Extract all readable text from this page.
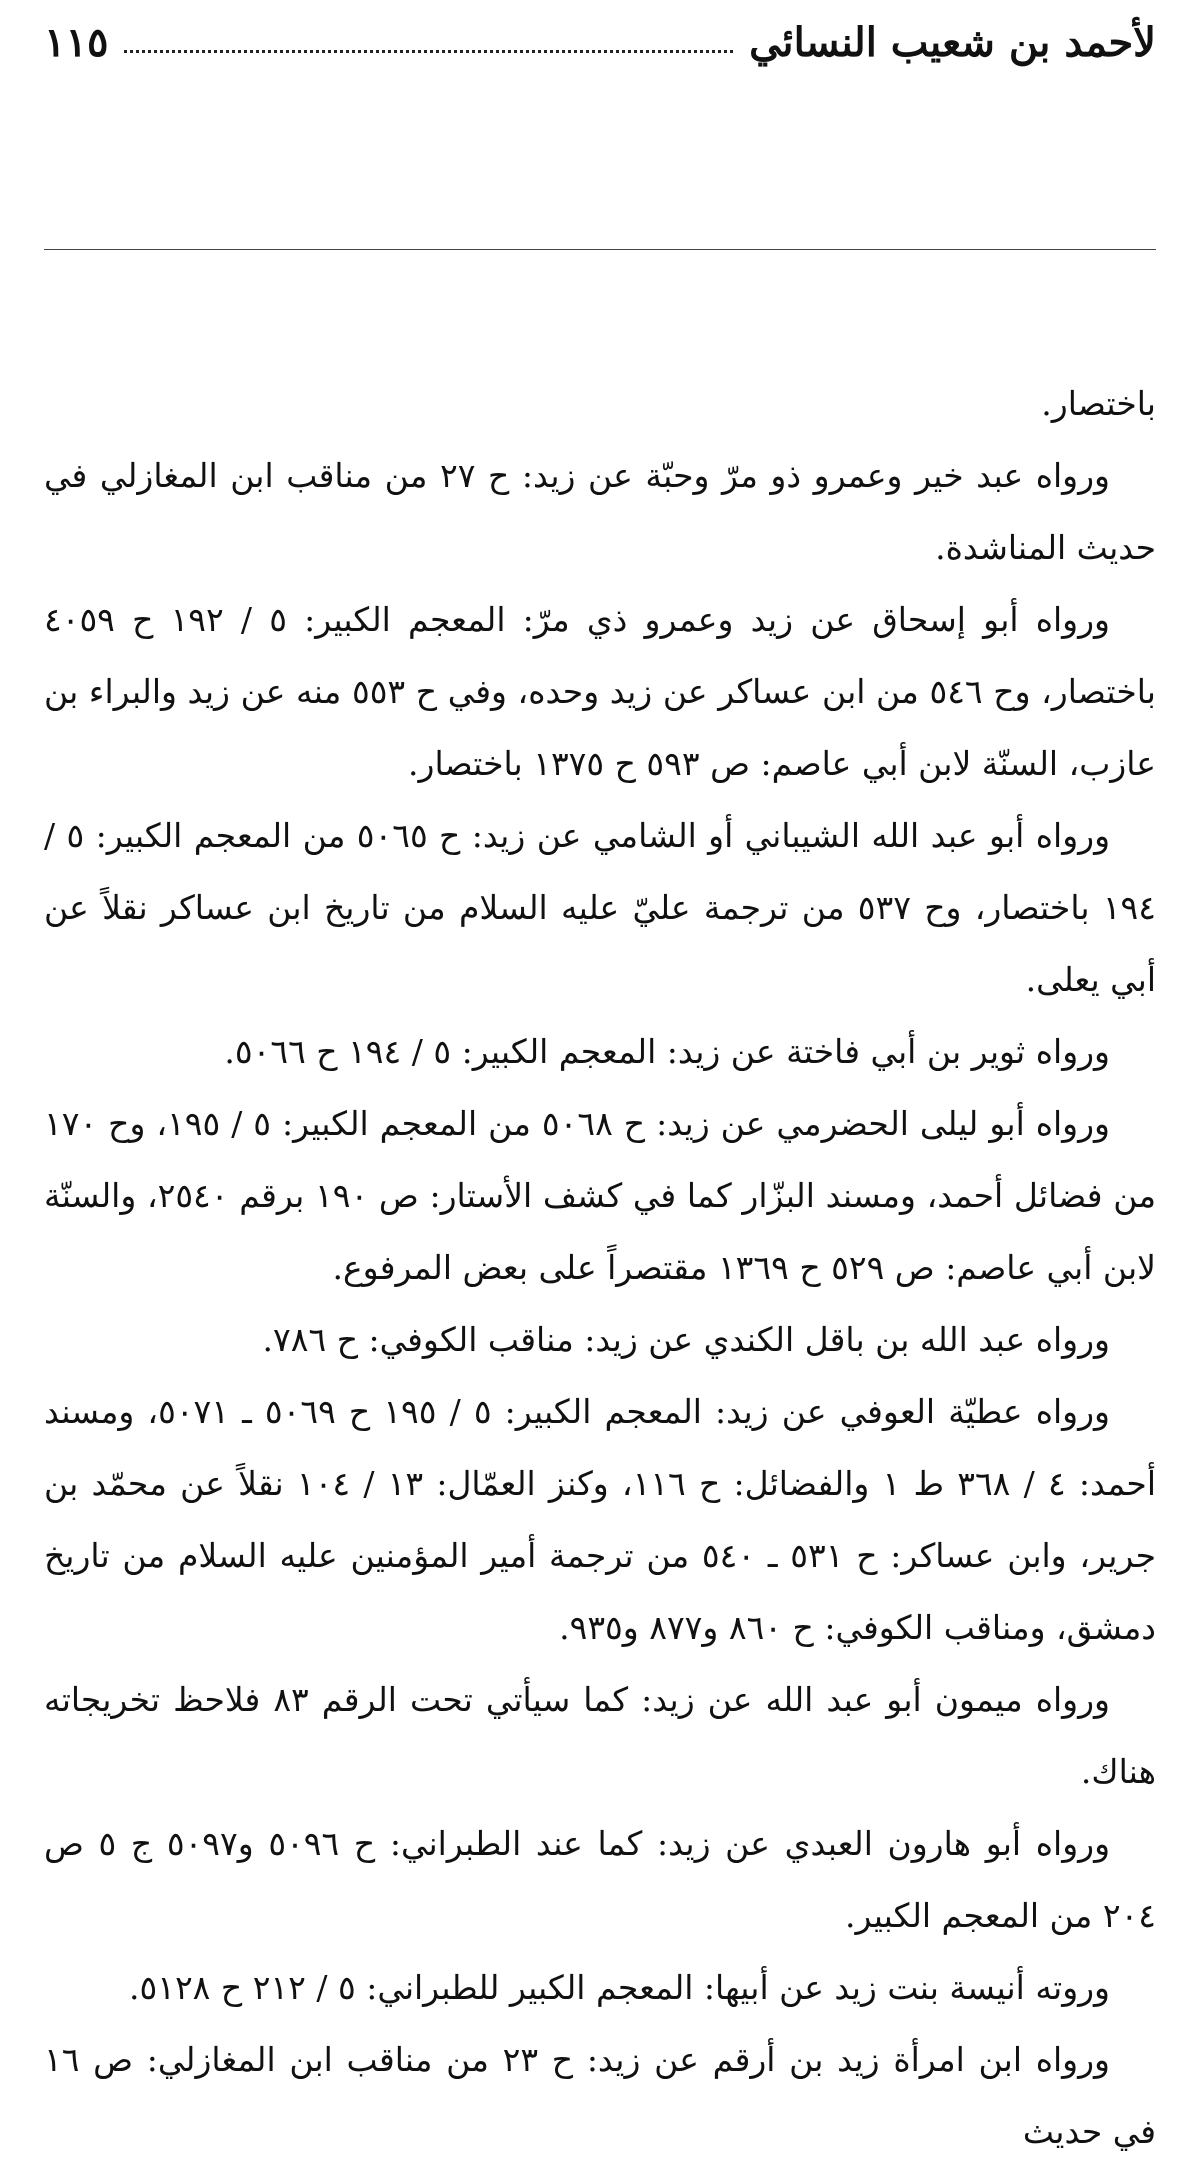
لأحمد بن شعيب النسائي
١١٥

باختصار.

ورواه عبد خير وعمرو ذو مرّ وحبّة عن زيد: ح ٢٧ من مناقب ابن المغازلي في حديث المناشدة.

ورواه أبو إسحاق عن زيد وعمرو ذي مرّ: المعجم الكبير: ٥ / ١٩٢ ح ٤٠٥٩ باختصار، وح ٥٤٦ من ابن عساكر عن زيد وحده، وفي ح ٥٥٣ منه عن زيد والبراء بن عازب، السنّة لابن أبي عاصم: ص ٥٩٣ ح ١٣٧٥ باختصار.

ورواه أبو عبد الله الشيباني أو الشامي عن زيد: ح ٥٠٦٥ من المعجم الكبير: ٥ / ١٩٤ باختصار، وح ٥٣٧ من ترجمة عليّ عليه السلام من تاريخ ابن عساكر نقلاً عن أبي يعلى.

ورواه ثوير بن أبي فاختة عن زيد: المعجم الكبير: ٥ / ١٩٤ ح ٥٠٦٦.

ورواه أبو ليلى الحضرمي عن زيد: ح ٥٠٦٨ من المعجم الكبير: ٥ / ١٩٥، وح ١٧٠ من فضائل أحمد، ومسند البزّار كما في كشف الأستار: ص ١٩٠ برقم ٢٥٤٠، والسنّة لابن أبي عاصم: ص ٥٢٩ ح ١٣٦٩ مقتصراً على بعض المرفوع.

ورواه عبد الله بن باقل الكندي عن زيد: مناقب الكوفي: ح ٧٨٦.

ورواه عطيّة العوفي عن زيد: المعجم الكبير: ٥ / ١٩٥ ح ٥٠٦٩ ـ ٥٠٧١، ومسند أحمد: ٤ / ٣٦٨ ط ١ والفضائل: ح ١١٦، وكنز العمّال: ١٣ / ١٠٤ نقلاً عن محمّد بن جرير، وابن عساكر: ح ٥٣١ ـ ٥٤٠ من ترجمة أمير المؤمنين عليه السلام من تاريخ دمشق، ومناقب الكوفي: ح ٨٦٠ و٨٧٧ و٩٣٥.

ورواه ميمون أبو عبد الله عن زيد: كما سيأتي تحت الرقم ٨٣ فلاحظ تخريجاته هناك.

ورواه أبو هارون العبدي عن زيد: كما عند الطبراني: ح ٥٠٩٦ و٥٠٩٧ ج ٥ ص ٢٠٤ من المعجم الكبير.

وروته أنيسة بنت زيد عن أبيها: المعجم الكبير للطبراني: ٥ / ٢١٢ ح ٥١٢٨.

ورواه ابن امرأة زيد بن أرقم عن زيد: ح ٢٣ من مناقب ابن المغازلي: ص ١٦ في حديث
